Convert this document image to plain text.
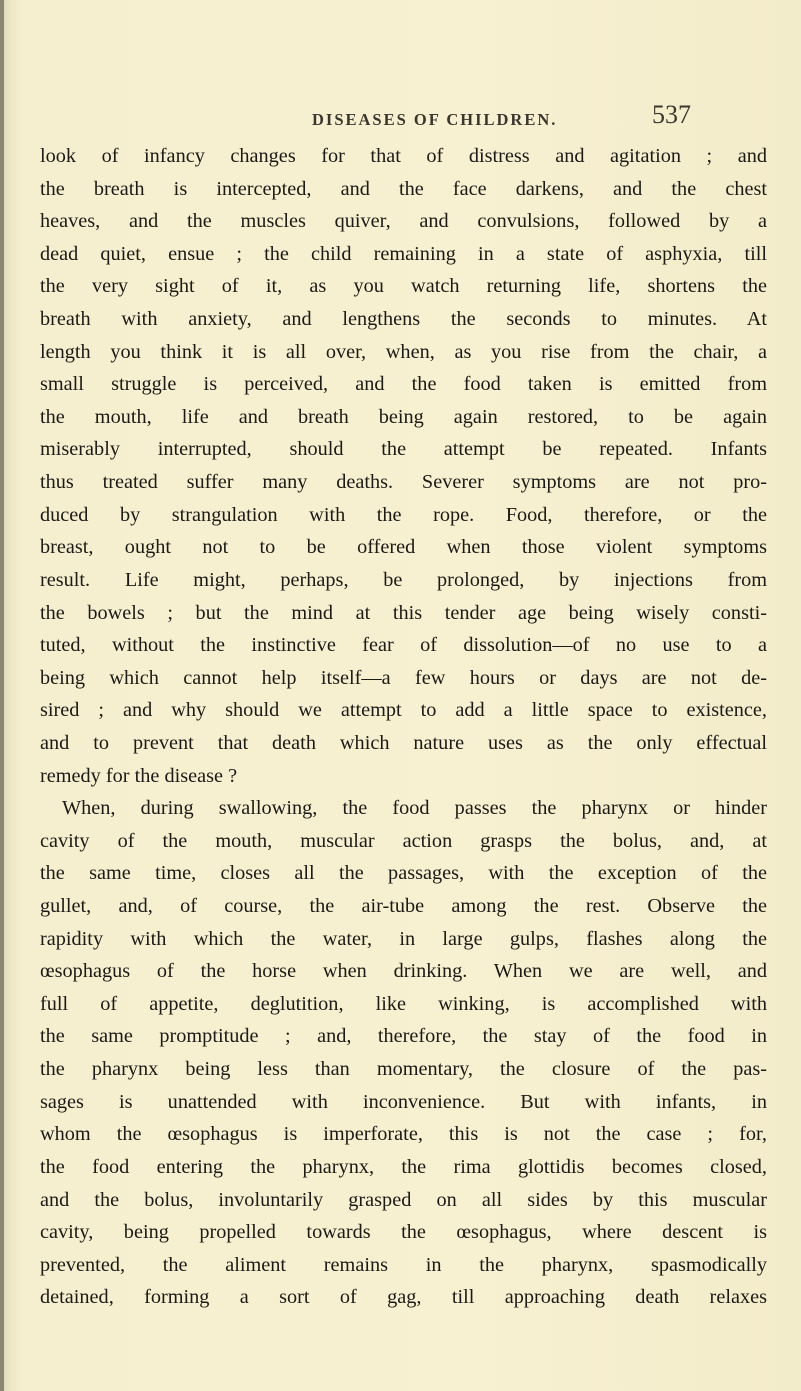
DISEASES OF CHILDREN.	537
look of infancy changes for that of distress and agitation ; and
the breath is intercepted, and the face darkens, and the chest
heaves, and the muscles quiver, and convulsions, followed by a
dead quiet, ensue ; the child remaining in a state of asphyxia, till
the very sight of it, as you watch returning life, shortens the
breath with anxiety, and lengthens the seconds to minutes. At
length you think it is all over, when, as you rise from the chair, a
small struggle is perceived, and the food taken is emitted from
the mouth, life and breath being again restored, to be again
miserably interrupted, should the attempt be repeated. Infants
thus treated suffer many deaths. Severer symptoms are not pro-
duced by strangulation with the rope. Food, therefore, or the
breast, ought not to be offered when those violent symptoms
result. Life might, perhaps, be prolonged, by injections from
the bowels ; but the mind at this tender age being wisely consti-
tuted, without the instinctive fear of dissolution—of no use to a
being which cannot help itself—a few hours or days are not de-
sired ; and why should we attempt to add a little space to existence,
and to prevent that death which nature uses as the only effectual
remedy for the disease ?
When, during swallowing, the food passes the pharynx or hinder
cavity of the mouth, muscular action grasps the bolus, and, at
the same time, closes all the passages, with the exception of the
gullet, and, of course, the air-tube among the rest. Observe the
rapidity with which the water, in large gulps, flashes along the
œsophagus of the horse when drinking. When we are well, and
full of appetite, deglutition, like winking, is accomplished with
the same promptitude ; and, therefore, the stay of the food in
the pharynx being less than momentary, the closure of the pas-
sages is unattended with inconvenience. But with infants, in
whom the œsophagus is imperforate, this is not the case ; for,
the food entering the pharynx, the rima glottidis becomes closed,
and the bolus, involuntarily grasped on all sides by this muscular
cavity, being propelled towards the œsophagus, where descent is
prevented, the aliment remains in the pharynx, spasmodically
detained, forming a sort of gag, till approaching death relaxes
